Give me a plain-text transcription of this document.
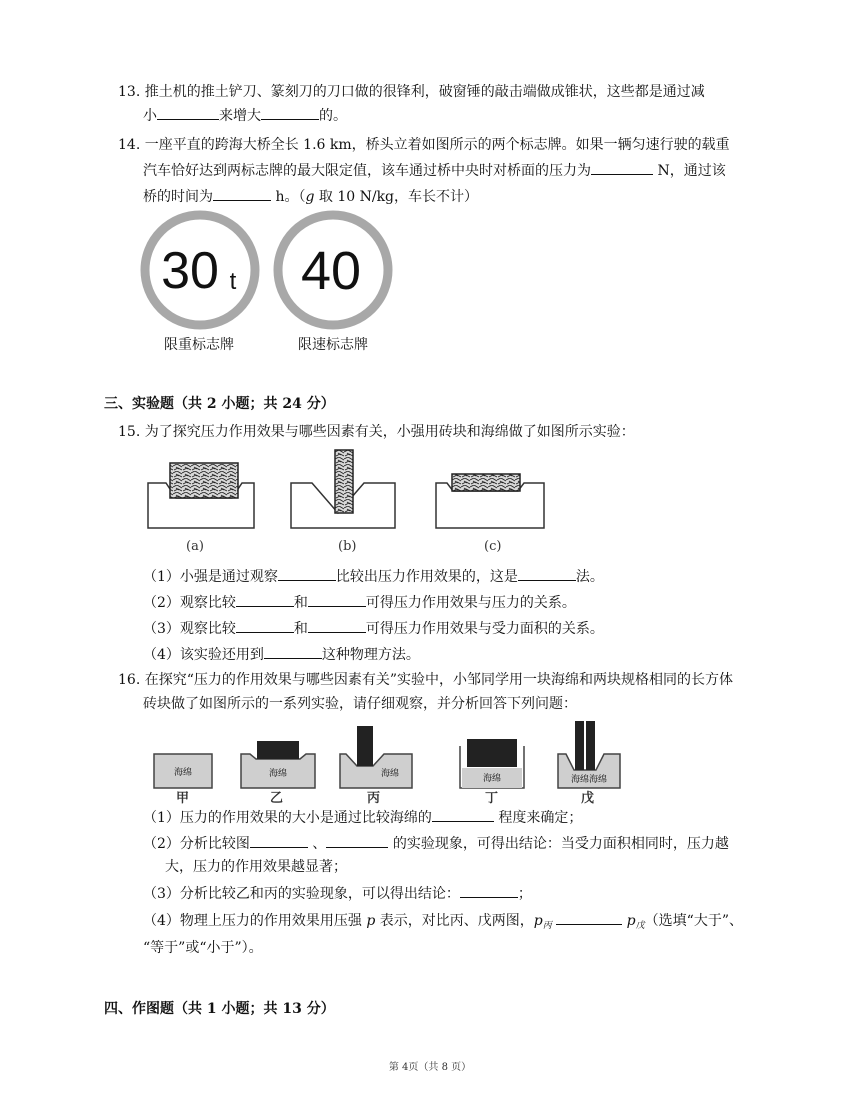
13. 推土机的推土铲刀、篆刻刀的刀口做的很锋利，破窗锤的敲击端做成锥状，这些都是通过减
小	来增大	的。
14. 一座平直的跨海大桥全长 1.6 km，桥头立着如图所示的两个标志牌。如果一辆匀速行驶的载重
汽车恰好达到两标志牌的最大限定值，该车通过桥中央时对桥面的压力为	N，通过该
桥的时间为	h。（g 取 10 N/kg，车长不计）
30 t 40
限重标志牌	限速标志牌
三、实验题（共 2 小题；共 24 分）
15. 为了探究压力作用效果与哪些因素有关，小强用砖块和海绵做了如图所示实验：
(a)	(b)	(c)
（1）小强是通过观察	比较出压力作用效果的，这是	法。
（2）观察比较	和	可得压力作用效果与压力的关系。
（3）观察比较	和	可得压力作用效果与受力面积的关系。
（4）该实验还用到	这种物理方法。
16. 在探究“压力的作用效果与哪些因素有关”实验中，小邹同学用一块海绵和两块规格相同的长方体
砖块做了如图所示的一系列实验，请仔细观察，并分析回答下列问题：
海绵	海绵	海绵	海绵	海绵海绵
甲	乙	丙	丁	戊
（1）压力的作用效果的大小是通过比较海绵的	程度来确定；
（2）分析比较图	、	的实验现象，可得出结论：当受力面积相同时，压力越
大，压力的作用效果越显著；
（3）分析比较乙和丙的实验现象，可以得出结论：	；
（4）物理上压力的作用效果用压强 p 表示，对比丙、戊两图，$p_丙$	$p_戊$（选填“大于”、
“等于”或“小于”）。
四、作图题（共 1 小题；共 13 分）
第 4页（共 8 页）
